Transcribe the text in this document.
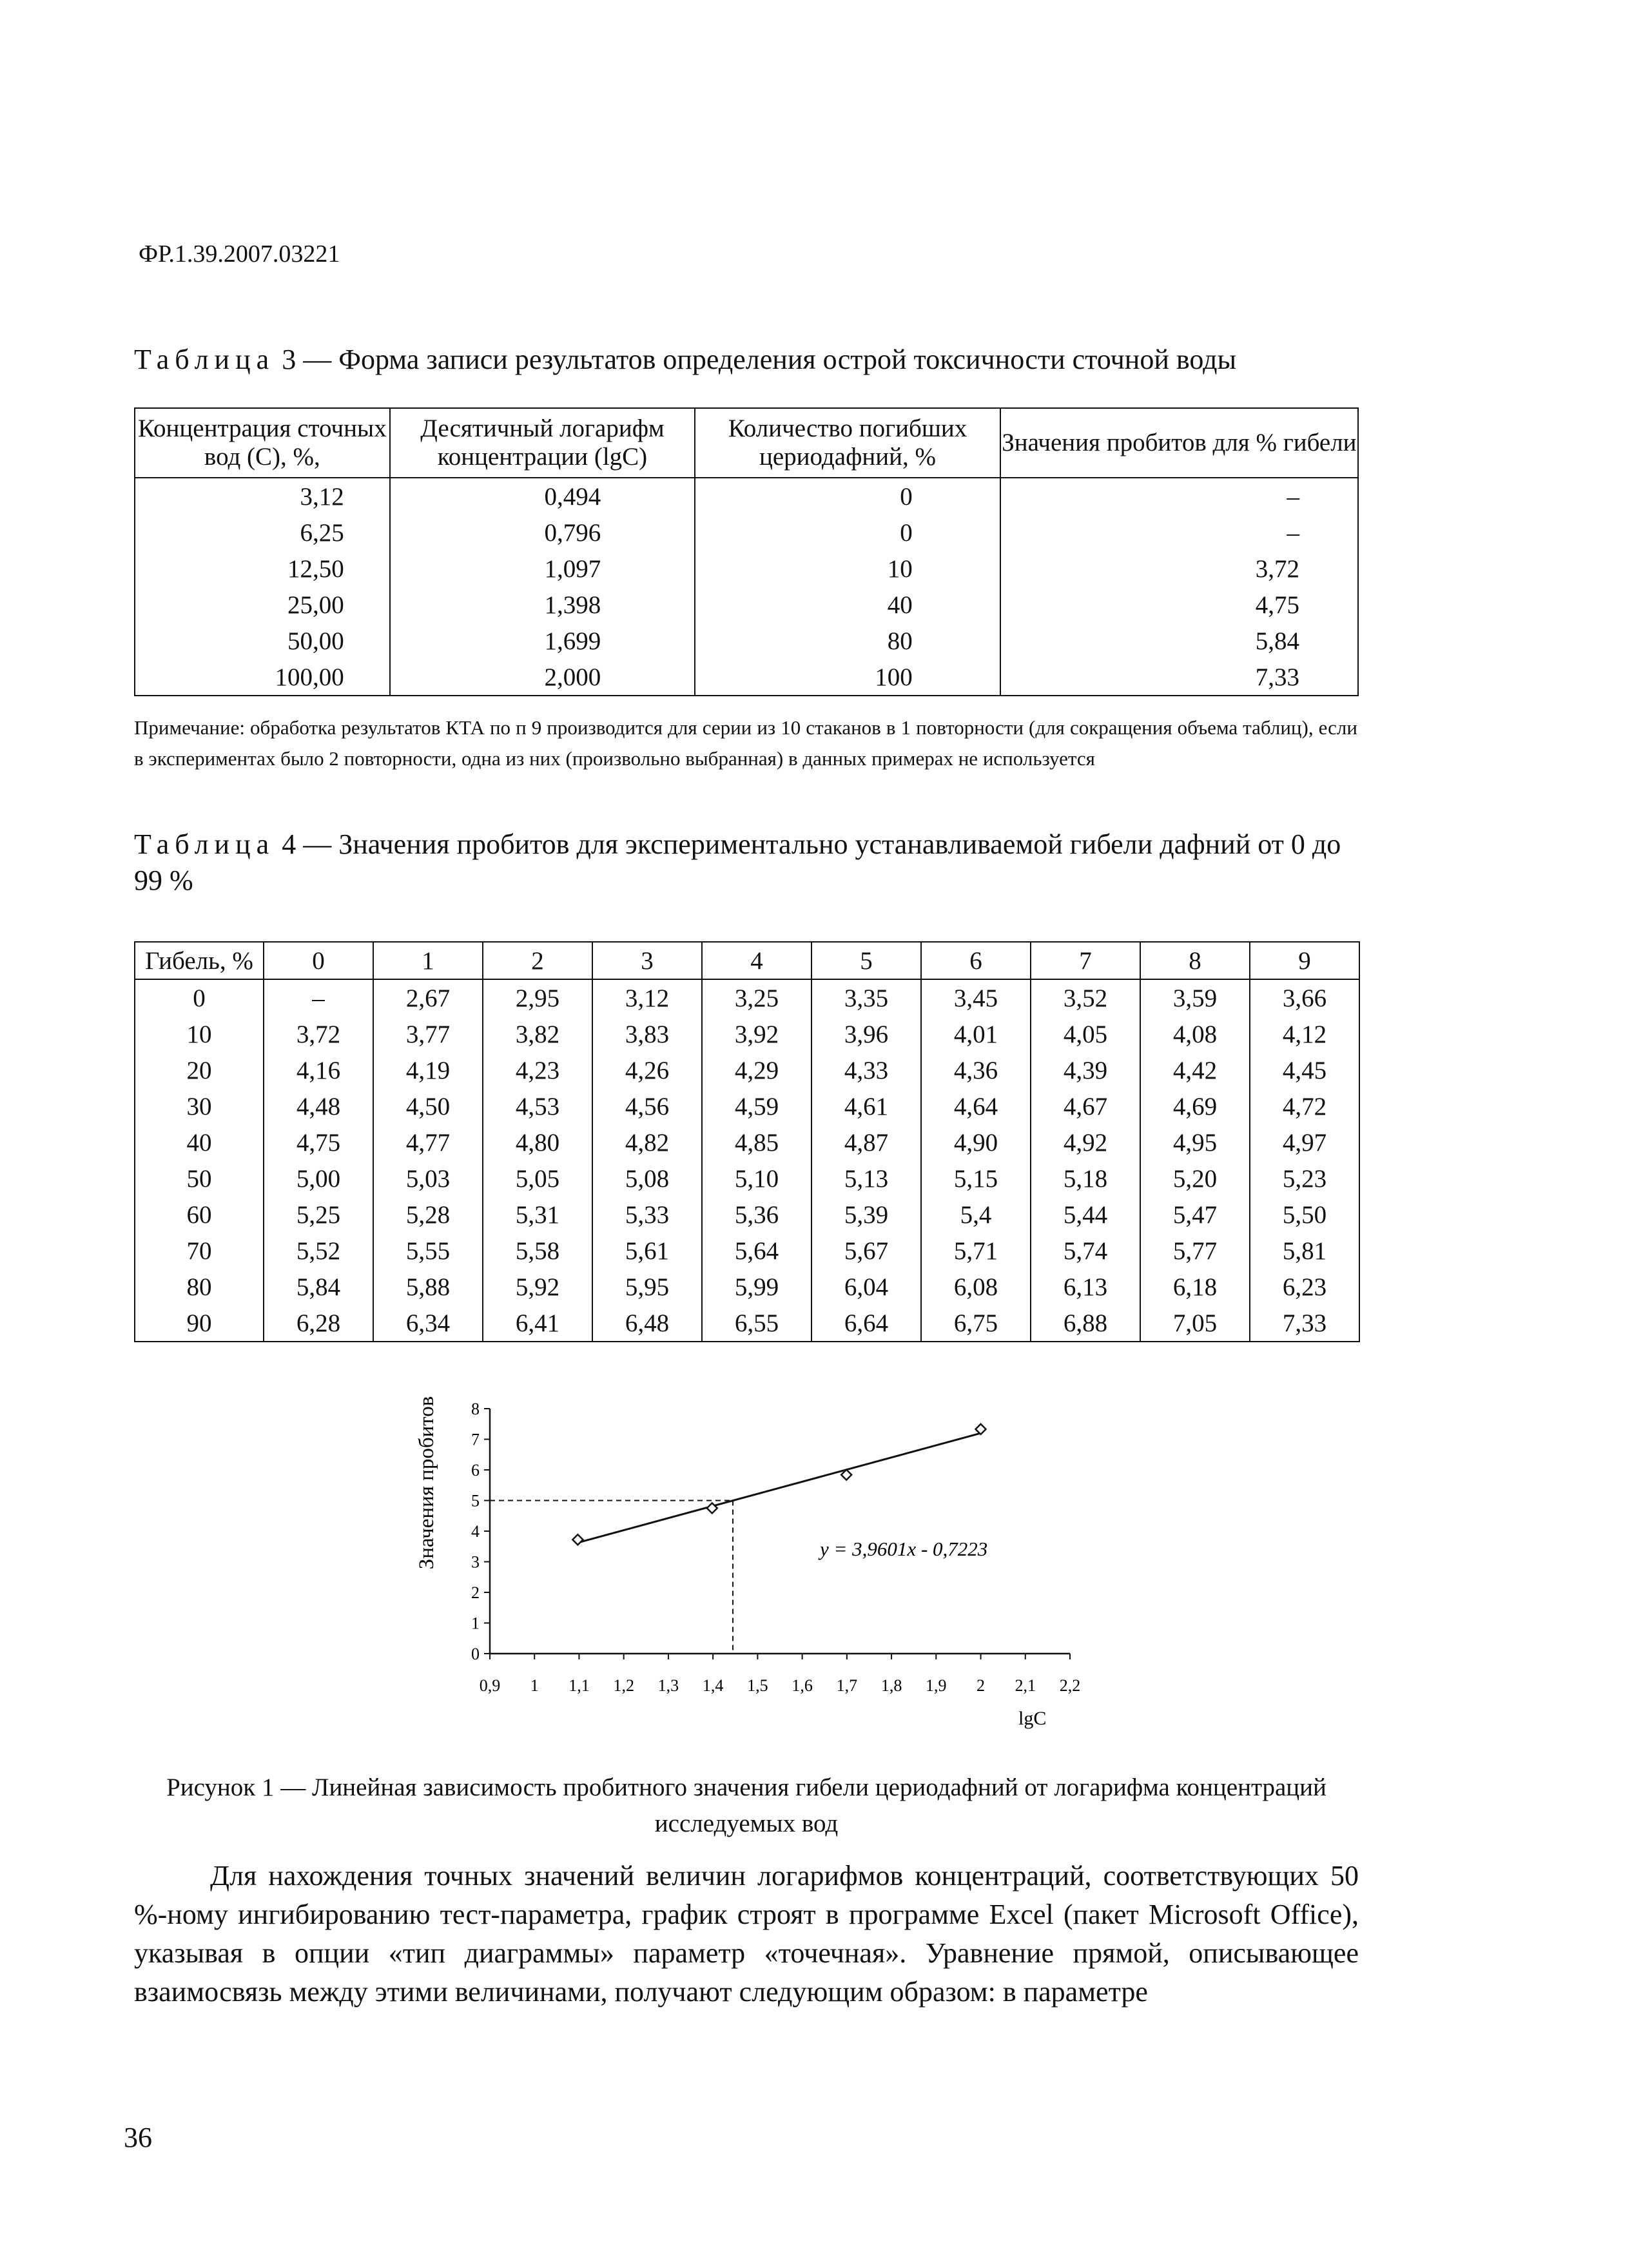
ФР.1.39.2007.03221
Таблица 3 — Форма записи результатов определения острой токсичности сточной воды
Концентрация сточных вод (С), %,	Десятичный логарифм концентрации (lgС)	Количество погибших цериодафний, %	Значения пробитов для % гибели
3,12	0,494	0	–
6,25	0,796	0	–
12,50	1,097	10	3,72
25,00	1,398	40	4,75
50,00	1,699	80	5,84
100,00	2,000	100	7,33
Примечание: обработка результатов КТА по п 9 производится для серии из 10 стаканов в 1 повторности (для сокращения объема таблиц), если в экспериментах было 2 повторности, одна из них (произвольно выбранная) в данных примерах не используется
Таблица 4 — Значения пробитов для экспериментально устанавливаемой гибели дафний от 0 до 99 %
Гибель, %	0	1	2	3	4	5	6	7	8	9
0	–	2,67	2,95	3,12	3,25	3,35	3,45	3,52	3,59	3,66
10	3,72	3,77	3,82	3,83	3,92	3,96	4,01	4,05	4,08	4,12
20	4,16	4,19	4,23	4,26	4,29	4,33	4,36	4,39	4,42	4,45
30	4,48	4,50	4,53	4,56	4,59	4,61	4,64	4,67	4,69	4,72
40	4,75	4,77	4,80	4,82	4,85	4,87	4,90	4,92	4,95	4,97
50	5,00	5,03	5,05	5,08	5,10	5,13	5,15	5,18	5,20	5,23
60	5,25	5,28	5,31	5,33	5,36	5,39	5,4	5,44	5,47	5,50
70	5,52	5,55	5,58	5,61	5,64	5,67	5,71	5,74	5,77	5,81
80	5,84	5,88	5,92	5,95	5,99	6,04	6,08	6,13	6,18	6,23
90	6,28	6,34	6,41	6,48	6,55	6,64	6,75	6,88	7,05	7,33
0
1
2
3
4
5
6
7
8
0,9 1 1,1 1,2 1,3 1,4 1,5 1,6 1,7 1,8 1,9 2 2,1 2,2
Значения пробитов
lgС
y = 3,9601x - 0,7223
Рисунок 1 — Линейная зависимость пробитного значения гибели цериодафний от логарифма концентраций исследуемых вод
Для нахождения точных значений величин логарифмов концентраций, соответствующих 50 %-ному ингибированию тест-параметра, график строят в программе Excel (пакет Microsoft Office), указывая в опции «тип диаграммы» параметр «точечная». Уравнение прямой, описывающее взаимосвязь между этими величинами, получают следующим образом: в параметре
36
